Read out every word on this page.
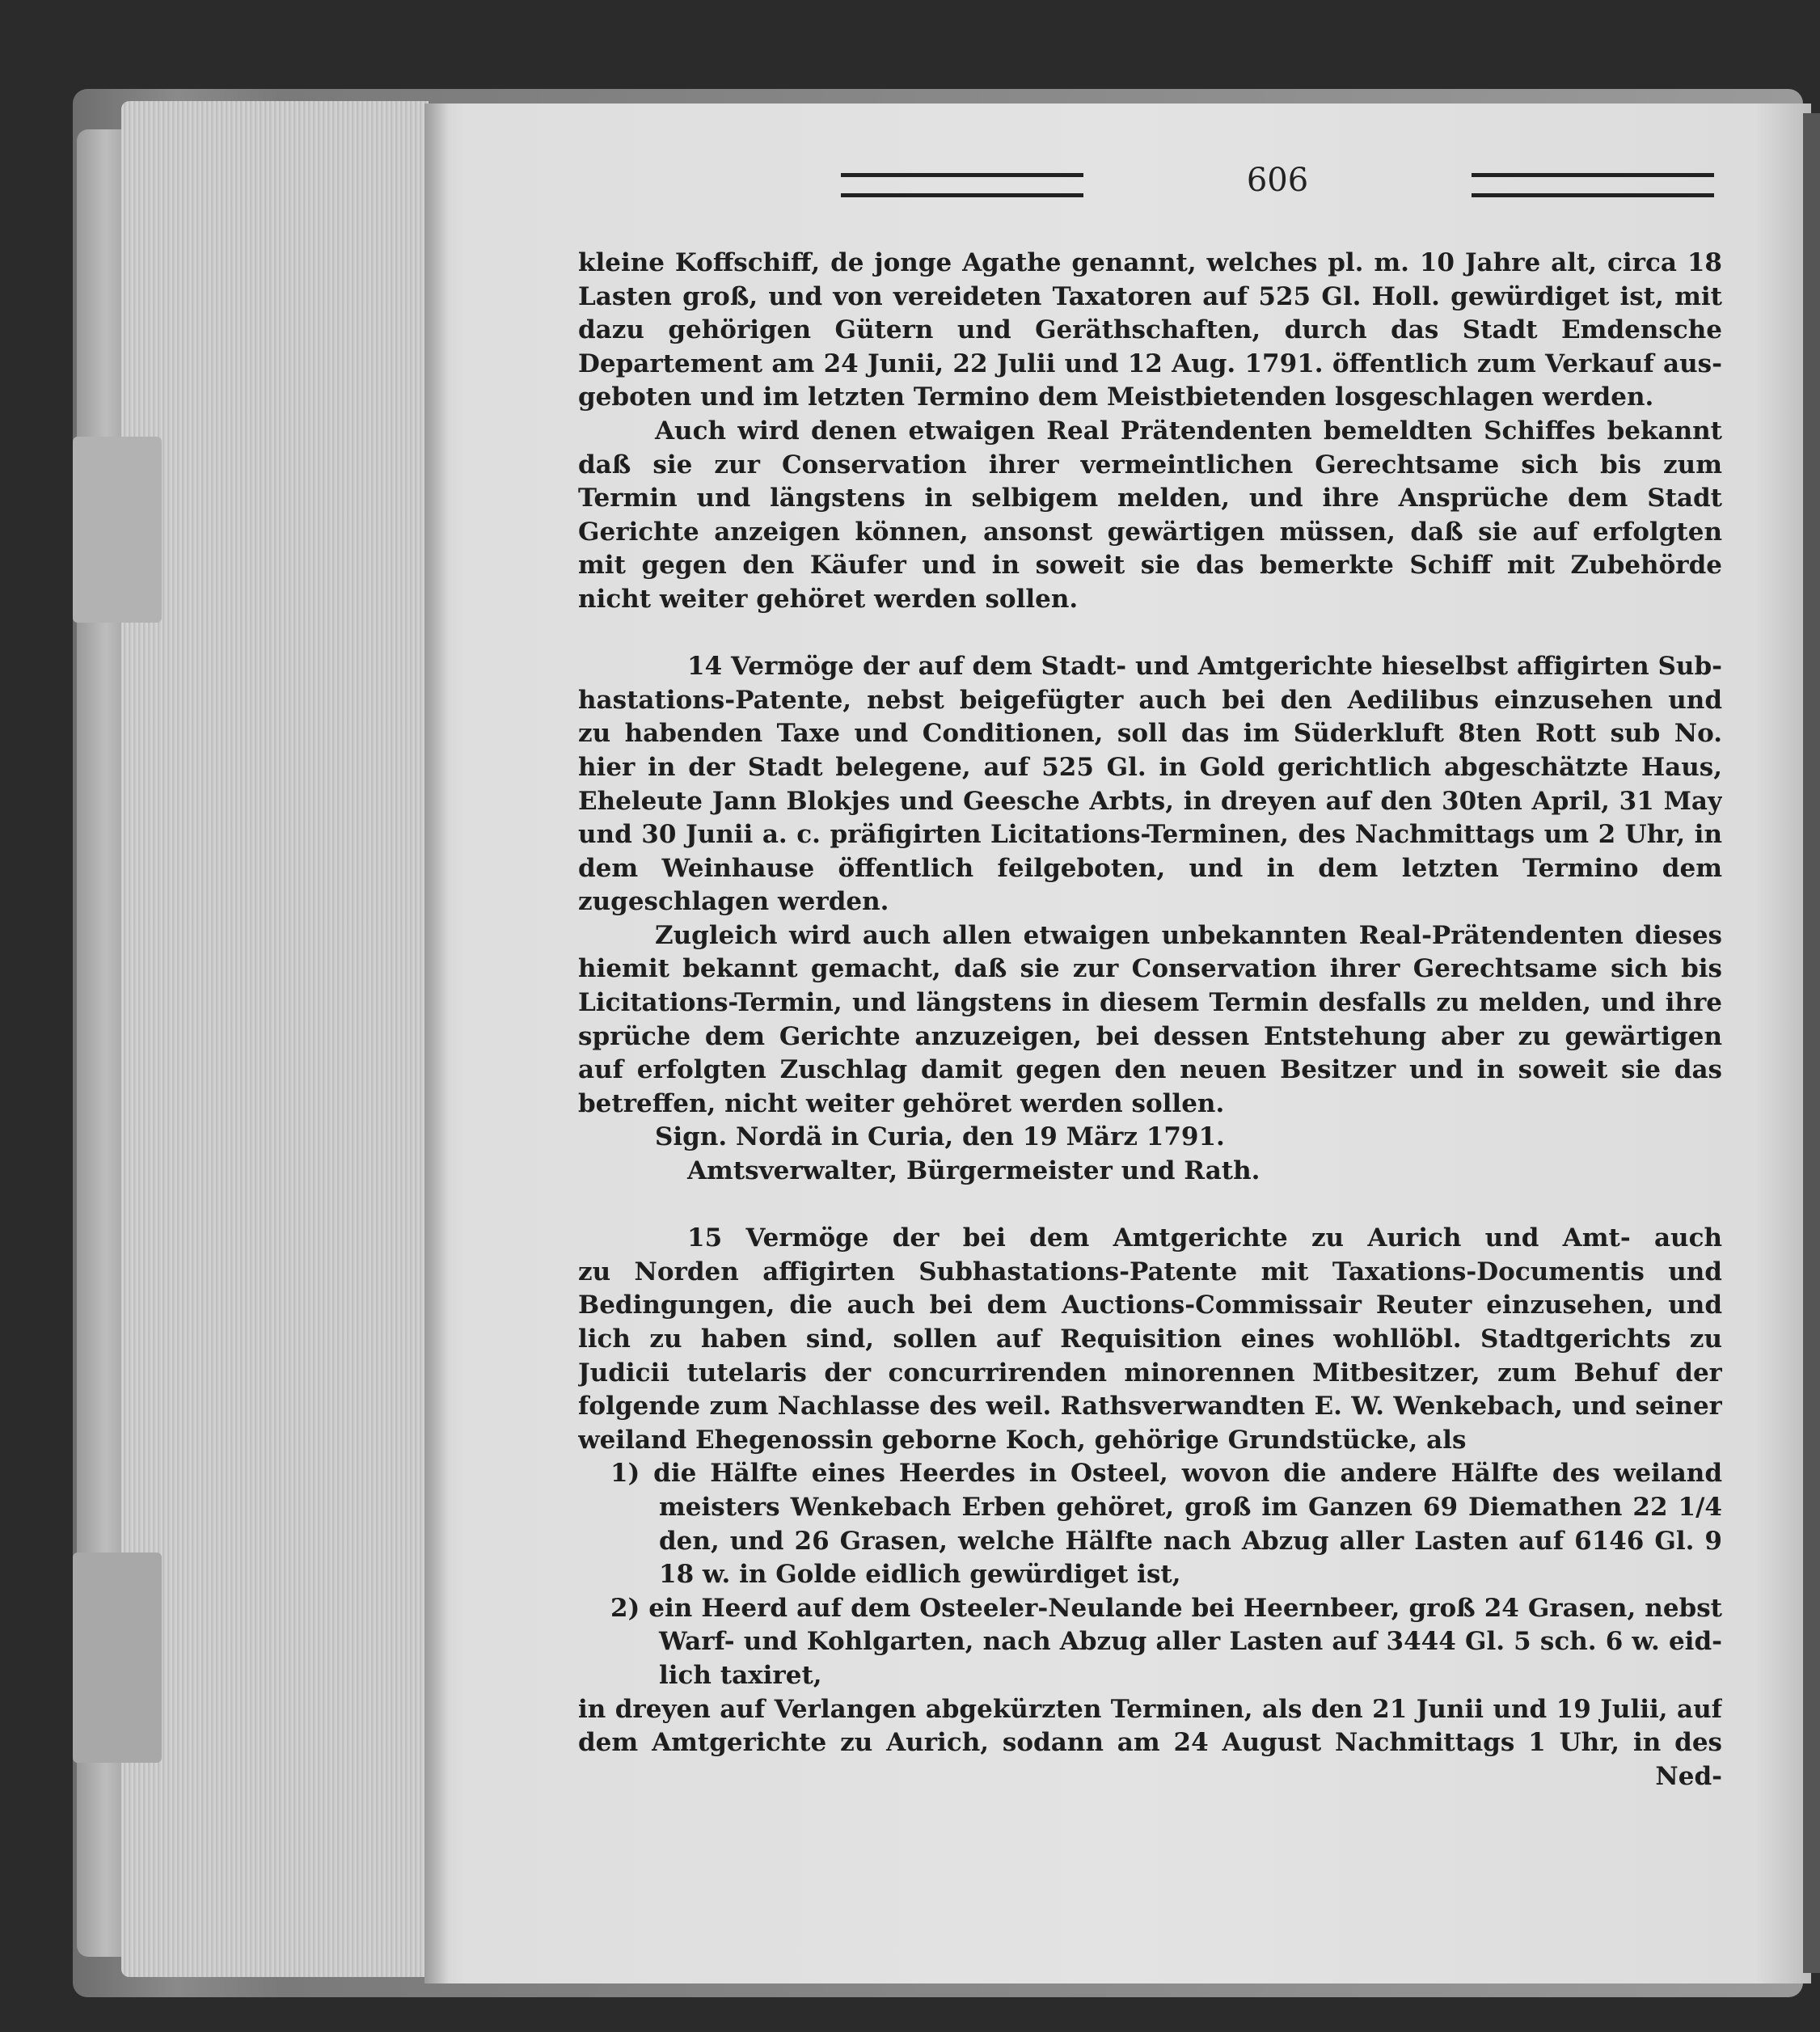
606
kleine Koffschiff, de jonge Agathe genannt, welches pl. m. 10 Jahre alt, circa 18
Lasten groß, und von vereideten Taxatoren auf 525 Gl. Holl. gewürdiget ist, mit
dazu gehörigen Gütern und Geräthschaften, durch das Stadt Emdensche
Departement am 24 Junii, 22 Julii und 12 Aug. 1791. öffentlich zum Verkauf aus-
geboten und im letzten Termino dem Meistbietenden losgeschlagen werden.
Auch wird denen etwaigen Real Prätendenten bemeldten Schiffes bekannt
daß sie zur Conservation ihrer vermeintlichen Gerechtsame sich bis zum
Termin und längstens in selbigem melden, und ihre Ansprüche dem Stadt
Gerichte anzeigen können, ansonst gewärtigen müssen, daß sie auf erfolgten
mit gegen den Käufer und in soweit sie das bemerkte Schiff mit Zubehörde
nicht weiter gehöret werden sollen.
14 Vermöge der auf dem Stadt- und Amtgerichte hieselbst affigirten Sub-
hastations-Patente, nebst beigefügter auch bei den Aedilibus einzusehen und
zu habenden Taxe und Conditionen, soll das im Süderkluft 8ten Rott sub No.
hier in der Stadt belegene, auf 525 Gl. in Gold gerichtlich abgeschätzte Haus,
Eheleute Jann Blokjes und Geesche Arbts, in dreyen auf den 30ten April, 31 May
und 30 Junii a. c. präfigirten Licitations-Terminen, des Nachmittags um 2 Uhr, in
dem Weinhause öffentlich feilgeboten, und in dem letzten Termino dem
zugeschlagen werden.
Zugleich wird auch allen etwaigen unbekannten Real-Prätendenten dieses
hiemit bekannt gemacht, daß sie zur Conservation ihrer Gerechtsame sich bis
Licitations-Termin, und längstens in diesem Termin desfalls zu melden, und ihre
sprüche dem Gerichte anzuzeigen, bei dessen Entstehung aber zu gewärtigen
auf erfolgten Zuschlag damit gegen den neuen Besitzer und in soweit sie das
betreffen, nicht weiter gehöret werden sollen.
Sign. Nordä in Curia, den 19 März 1791.
Amtsverwalter, Bürgermeister und Rath.
15 Vermöge der bei dem Amtgerichte zu Aurich und Amt- auch
zu Norden affigirten Subhastations-Patente mit Taxations-Documentis und
Bedingungen, die auch bei dem Auctions-Commissair Reuter einzusehen, und
lich zu haben sind, sollen auf Requisition eines wohllöbl. Stadtgerichts zu
Judicii tutelaris der concurrirenden minorennen Mitbesitzer, zum Behuf der
folgende zum Nachlasse des weil. Rathsverwandten E. W. Wenkebach, und seiner
weiland Ehegenossin geborne Koch, gehörige Grundstücke, als
1) die Hälfte eines Heerdes in Osteel, wovon die andere Hälfte des weiland
meisters Wenkebach Erben gehöret, groß im Ganzen 69 Diemathen 22 1/4
den, und 26 Grasen, welche Hälfte nach Abzug aller Lasten auf 6146 Gl. 9
18 w. in Golde eidlich gewürdiget ist,
2) ein Heerd auf dem Osteeler-Neulande bei Heernbeer, groß 24 Grasen, nebst
Warf- und Kohlgarten, nach Abzug aller Lasten auf 3444 Gl. 5 sch. 6 w. eid-
lich taxiret,
in dreyen auf Verlangen abgekürzten Terminen, als den 21 Junii und 19 Julii, auf
dem Amtgerichte zu Aurich, sodann am 24 August Nachmittags 1 Uhr, in des
Ned-
